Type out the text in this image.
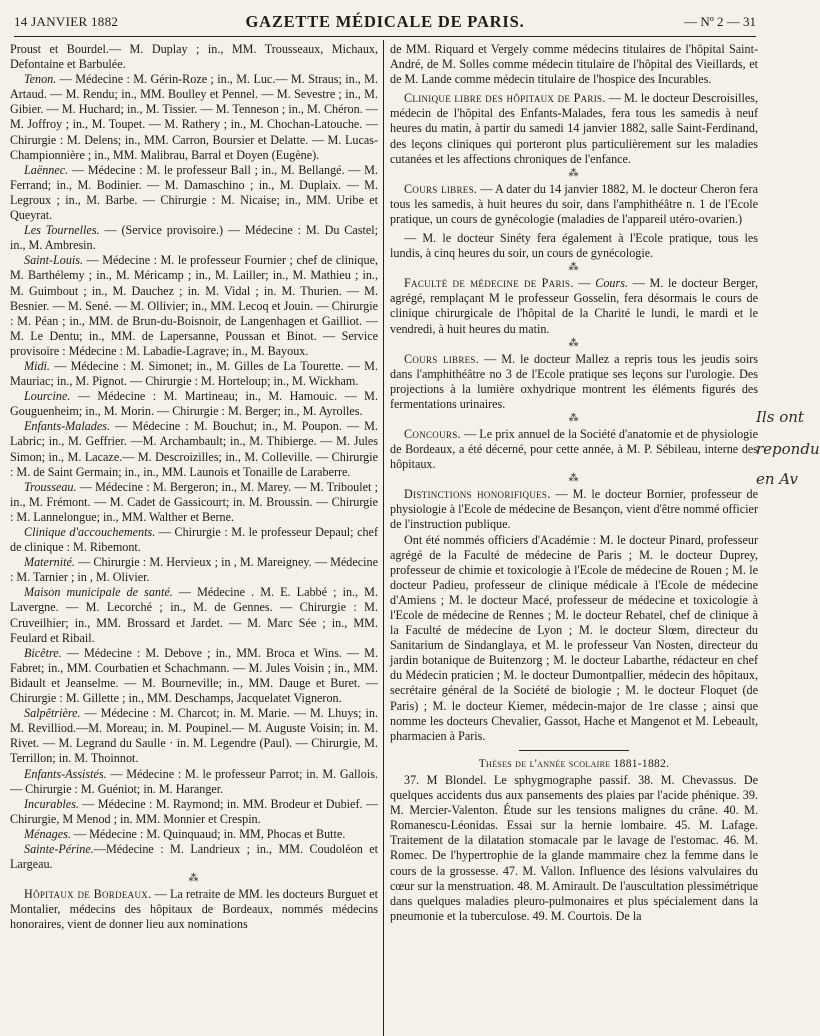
14 JANVIER 1882	GAZETTE MÉDICALE DE PARIS.	— Nº 2 — 31

Proust et Bourdel.— M. Duplay ; in., MM. Trousseaux, Michaux, Defontaine et Barbulée.

Tenon. — Médecine : M. Gérin-Roze ; in., M. Luc.— M. Straus; in., M. Artaud. — M. Rendu; in., MM. Boulley et Pennel. — M. Sevestre ; in., M. Gibier. — M. Huchard; in., M. Tissier. — M. Tenneson ; in., M. Chéron. — M. Joffroy ; in., M. Toupet. — M. Rathery ; in., M. Chochan-Latouche. —Chirurgie : M. Delens; in., MM. Carron, Boursier et Delatte. — M. Lucas-Championnière ; in., MM. Malibrau, Barral et Doyen (Eugène).

Laënnec. — Médecine : M. le professeur Ball ; in., M. Bellangé. — M. Ferrand; in., M. Bodinier. — M. Damaschino ; in., M. Duplaix. — M. Legroux ; in., M. Barbe. — Chirurgie : M. Nicaise; in., MM. Uribe et Queyrat.

Les Tournelles. — (Service provisoire.) — Médecine : M. Du Castel; in., M. Ambresin.

Saint-Louis. — Médecine : M. le professeur Fournier ; chef de clinique, M. Barthélemy ; in., M. Méricamp ; in., M. Lailler; in., M. Mathieu ; in., M. Guimbout ; in., M. Dauchez ; in. M. Vidal ; in. M. Thurien. — M. Besnier. — M. Sené. — M. Ollivier; in., MM. Lecoq et Jouin. — Chirurgie : M. Péan ; in., MM. de Brun-du-Boisnoir, de Langenhagen et Gailliot. — M. Le Dentu; in., MM. de Lapersanne, Poussan et Binot. — Service provisoire : Médecine : M. Labadie-Lagrave; in., M. Bayoux.

Midi. — Médecine : M. Simonet; in., M. Gilles de La Tourette. — M. Mauriac; in., M. Pignot. — Chirurgie : M. Horteloup; in., M. Wickham.

Lourcine. — Médecine : M. Martineau; in., M. Hamouic. — M. Gouguenheim; in., M. Morin. — Chirurgie : M. Berger; in., M. Ayrolles.

Enfants-Malades. — Médecine : M. Bouchut; in., M. Poupon. — M. Labric; in., M. Geffrier. —M. Archambault; in., M. Thibierge. — M. Jules Simon; in., M. Lacaze.— M. Descroizilles; in., M. Colleville. — Chirurgie : M. de Saint Germain; in., in., MM. Launois et Tonaille de Laraberre.

Trousseau. — Médecine : M. Bergeron; in., M. Marey. — M. Triboulet ; in., M. Frémont. — M. Cadet de Gassicourt; in. M. Broussin. — Chirurgie : M. Lannelongue; in., MM. Walther et Berne.

Clinique d'accouchements. — Chirurgie : M. le professeur Depaul; chef de clinique : M. Ribemont.

Maternité. — Chirurgie : M. Hervieux ; in , M. Mareigney. — Médecine : M. Tarnier ; in , M. Olivier.

Maison municipale de santé. — Médecine . M. E. Labbé ; in., M. Lavergne. — M. Lecorché ; in., M. de Gennes. — Chirurgie : M. Cruveilhier; in., MM. Brossard et Jardet. — M. Marc Sée ; in., MM. Feulard et Ribail.

Bicêtre. — Médecine : M. Debove ; in., MM. Broca et Wins. — M. Fabret; in., MM. Courbatien et Schachmann. — M. Jules Voisin ; in., MM. Bidault et Jeanselme. — M. Bourneville; in., MM. Dauge et Buret. —Chirurgie : M. Gillette ; in., MM. Deschamps, Jacquelatet Vigneron.

Salpêtrière. — Médecine : M. Charcot; in. M. Marie. — M. Lhuys; in. M. Revilliod.—M. Moreau; in. M. Poupinel.— M. Auguste Voisin; in. M. Rivet. — M. Legrand du Saulle · in. M. Legendre (Paul). — Chirurgie, M. Terrillon; in. M. Thoinnot.

Enfants-Assistés. — Médecine : M. le professeur Parrot; in. M. Gallois.— Chirurgie : M. Guéniot; in. M. Haranger.

Incurables. — Médecine : M. Raymond; in. MM. Brodeur et Dubief. — Chirurgie, M Menod ; in. MM. Monnier et Crespin.

Ménages. — Médecine : M. Quinquaud; in. MM, Phocas et Butte.

Sainte-Périne.—Médecine : M. Landrieux ; in., MM. Coudoléon et Largeau.

⁂

Hôpitaux de Bordeaux. — La retraite de MM. les docteurs Burguet et Montalier, médecins des hôpitaux de Bordeaux, nommés médecins honoraires, vient de donner lieu aux nominations

de MM. Riquard et Vergely comme médecins titulaires de l'hôpital Saint-André, de M. Solles comme médecin titulaire de l'hôpital des Vieillards, et de M. Lande comme médecin titulaire de l'hospice des Incurables.

Clinique libre des hôpitaux de Paris. — M. le docteur Descroisilles, médecin de l'hôpital des Enfants-Malades, fera tous les samedis à neuf heures du matin, à partir du samedi 14 janvier 1882, salle Saint-Ferdinand, des leçons cliniques qui porteront plus particulièrement sur les maladies cutanées et les affections chroniques de l'enfance.

⁂

Cours libres. — A dater du 14 janvier 1882, M. le docteur Cheron fera tous les samedis, à huit heures du soir, dans l'amphithéâtre n. 1 de l'Ecole pratique, un cours de gynécologie (maladies de l'appareil utéro-ovarien.)

— M. le docteur Sinéty fera également à l'Ecole pratique, tous les lundis, à cinq heures du soir, un cours de gynécologie.

⁂

Faculté de médecine de Paris. — Cours. — M. le docteur Berger, agrégé, remplaçant M le professeur Gosselin, fera désormais le cours de clinique chirurgicale de l'hôpital de la Charité le lundi, le mardi et le vendredi, à huit heures du matin.

⁂

Cours libres. — M. le docteur Mallez a repris tous les jeudis soirs dans l'amphithéâtre no 3 de l'Ecole pratique ses leçons sur l'urologie. Des projections à la lumière oxhydrique montrent les éléments figurés des fermentations urinaires.

⁂

Concours. — Le prix annuel de la Société d'anatomie et de physiologie de Bordeaux, a été décerné, pour cette année, à M. P. Sébileau, interne des hôpitaux.

⁂

Distinctions honorifiques. — M. le docteur Bornier, professeur de physiologie à l'Ecole de médecine de Besançon, vient d'être nommé officier de l'instruction publique.

Ont été nommés officiers d'Académie : M. le docteur Pinard, professeur agrégé de la Faculté de médecine de Paris ; M. le docteur Duprey, professeur de chimie et toxicologie à l'Ecole de médecine de Rouen ; M. le docteur Padieu, professeur de clinique médicale à l'Ecole de médecine d'Amiens ; M. le docteur Macé, professeur de médecine et toxicologie à l'Ecole de médecine de Rennes ; M. le docteur Rebatel, chef de clinique à la Faculté de médecine de Lyon ; M. le docteur Slœm, directeur du Sanitarium de Sindanglaya, et M. le professeur Van Nosten, directeur du jardin botanique de Buitenzorg ; M. le docteur Labarthe, rédacteur en chef du Médecin praticien ; M. le docteur Dumontpallier, médecin des hôpitaux, secrétaire général de la Société de biologie ; M. le docteur Floquet (de Paris) ; M. le docteur Kiemer, médecin-major de 1re classe ; ainsi que nomme les docteurs Chevalier, Gassot, Hache et Mangenot et M. Lebeault, pharmacien à Paris.

Thèses de l'année scolaire 1881-1882.

37. M Blondel. Le sphygmographe passif. 38. M. Chevassus. De quelques accidents dus aux pansements des plaies par l'acide phénique. 39. M. Mercier-Valenton. Étude sur les tensions malignes du crâne. 40. M. Romanescu-Léonidas. Essai sur la hernie lombaire. 45. M. Lafage. Traitement de la dilatation stomacale par le lavage de l'estomac. 46. M. Romec. De l'hypertrophie de la glande mammaire chez la femme dans le cours de la grossesse. 47. M. Vallon. Influence des lésions valvulaires du cœur sur la menstruation. 48. M. Amirault. De l'auscultation plessimétrique dans quelques maladies pleuro-pulmonaires et plus spécialement dans la pneumonie et la tuberculose. 49. M. Courtois. De la

Ils ont
repondu
en Av
